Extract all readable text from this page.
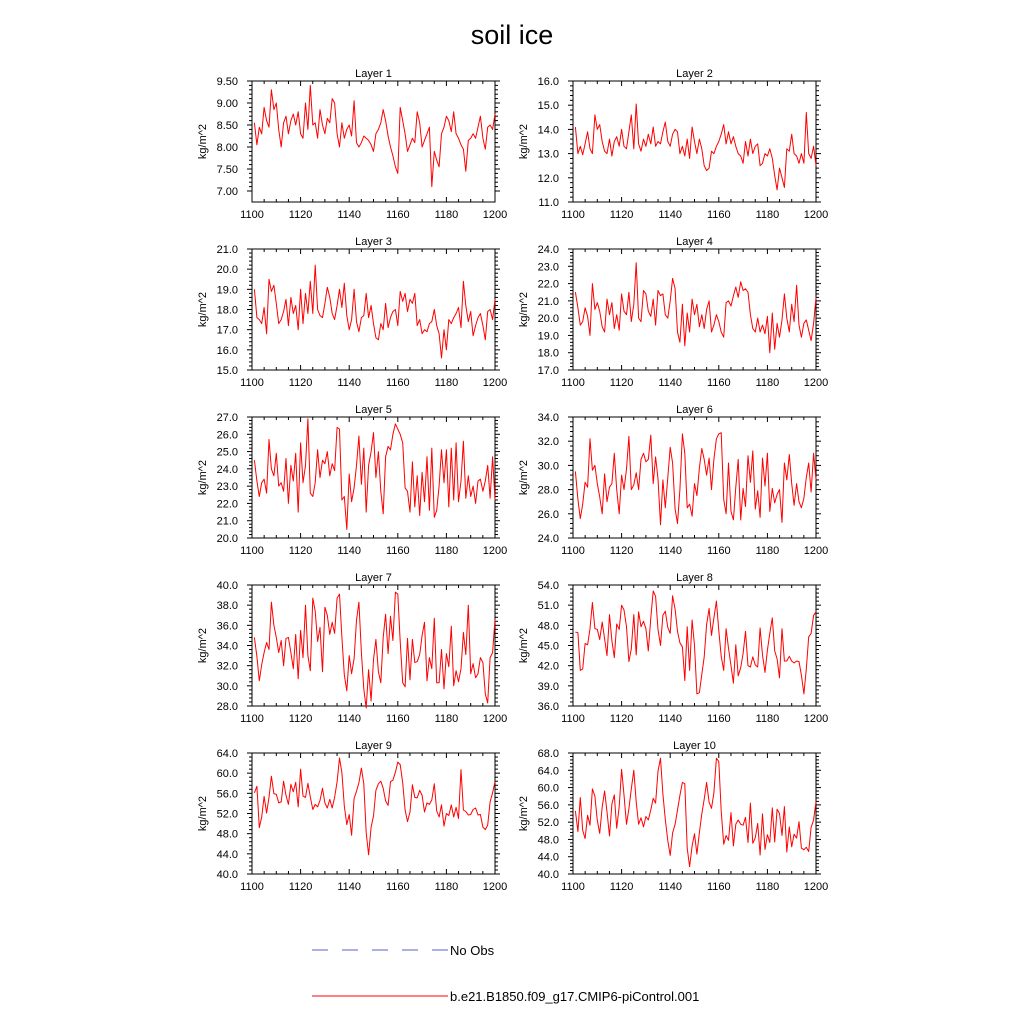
soil ice
Layer 1
kg/m^2
1100 1120 1140 1160 1180 1200
7.00
7.50
8.00
8.50
9.00
9.50
Layer 2
kg/m^2
1100 1120 1140 1160 1180 1200
11.0
12.0
13.0
14.0
15.0
16.0
Layer 3
kg/m^2
1100 1120 1140 1160 1180 1200
15.0
16.0
17.0
18.0
19.0
20.0
21.0
Layer 4
kg/m^2
1100 1120 1140 1160 1180 1200
17.0
18.0
19.0
20.0
21.0
22.0
23.0
24.0
Layer 5
kg/m^2
1100 1120 1140 1160 1180 1200
20.0
21.0
22.0
23.0
24.0
25.0
26.0
27.0
Layer 6
kg/m^2
1100 1120 1140 1160 1180 1200
24.0
26.0
28.0
30.0
32.0
34.0
Layer 7
kg/m^2
1100 1120 1140 1160 1180 1200
28.0
30.0
32.0
34.0
36.0
38.0
40.0
Layer 8
kg/m^2
1100 1120 1140 1160 1180 1200
36.0
39.0
42.0
45.0
48.0
51.0
54.0
Layer 9
kg/m^2
1100 1120 1140 1160 1180 1200
40.0
44.0
48.0
52.0
56.0
60.0
64.0
Layer 10
kg/m^2
1100 1120 1140 1160 1180 1200
40.0
44.0
48.0
52.0
56.0
60.0
64.0
68.0
No Obs
b.e21.B1850.f09_g17.CMIP6-piControl.001
